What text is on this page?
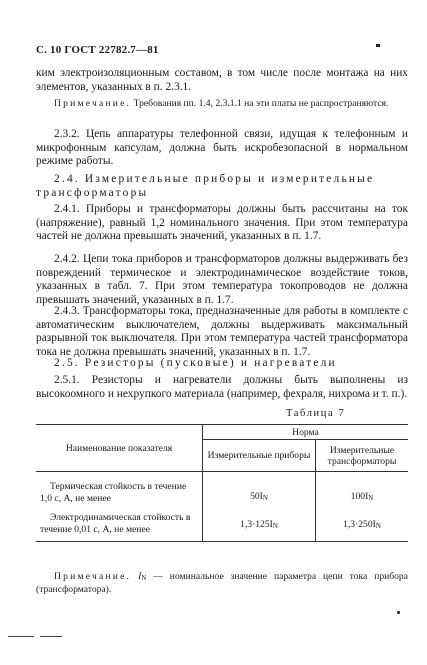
С. 10 ГОСТ 22782.7—81
ким электроизоляционным составом, в том числе после монтажа на них элементов, указанных в п. 2.3.1.
Примечание. Требования пп. 1.4, 2.3.1.1 на эти платы не распространяются.
2.3.2. Цепь аппаратуры телефонной связи, идущая к телефонным и микрофонным капсулам, должна быть искробезопасной в нормальном режиме работы.
2.4. Измерительные приборы и измерительные трансформаторы
2.4.1. Приборы и трансформаторы должны быть рассчитаны на ток (напряжение), равный 1,2 номинального значения. При этом температура частей не должна превышать значений, указанных в п. 1.7.
2.4.2. Цепи тока приборов и трансформаторов должны выдерживать без повреждений термическое и электродинамическое воздействие токов, указанных в табл. 7. При этом температура токопроводов не должна превышать значений, указанных в п. 1.7.
2.4.3. Трансформаторы тока, предназначенные для работы в комплекте с автоматическим выключателем, должны выдерживать максимальный разрывной ток выключателя. При этом температура частей трансформатора тока не должна превышать значений, указанных в п. 1.7.
2.5. Резисторы (пусковые) и нагреватели
2.5.1. Резисторы и нагреватели должны быть выполнены из высокоомного и нехрупкого материала (например, фехраля, нихрома и т. п.).
Таблица 7
Наименование показателя	Норма	
	Измерительные приборы	Измерительные трансформаторы
Термическая стойкость в течение 1,0 с, А, не менее	50IN	100IN
Электродинамическая стойкость в течение 0,01 с, А, не менее	1,3·125IN	1,3·250IN
Примечание. IN — номинальное значение параметра цепи тока прибора (трансформатора).
